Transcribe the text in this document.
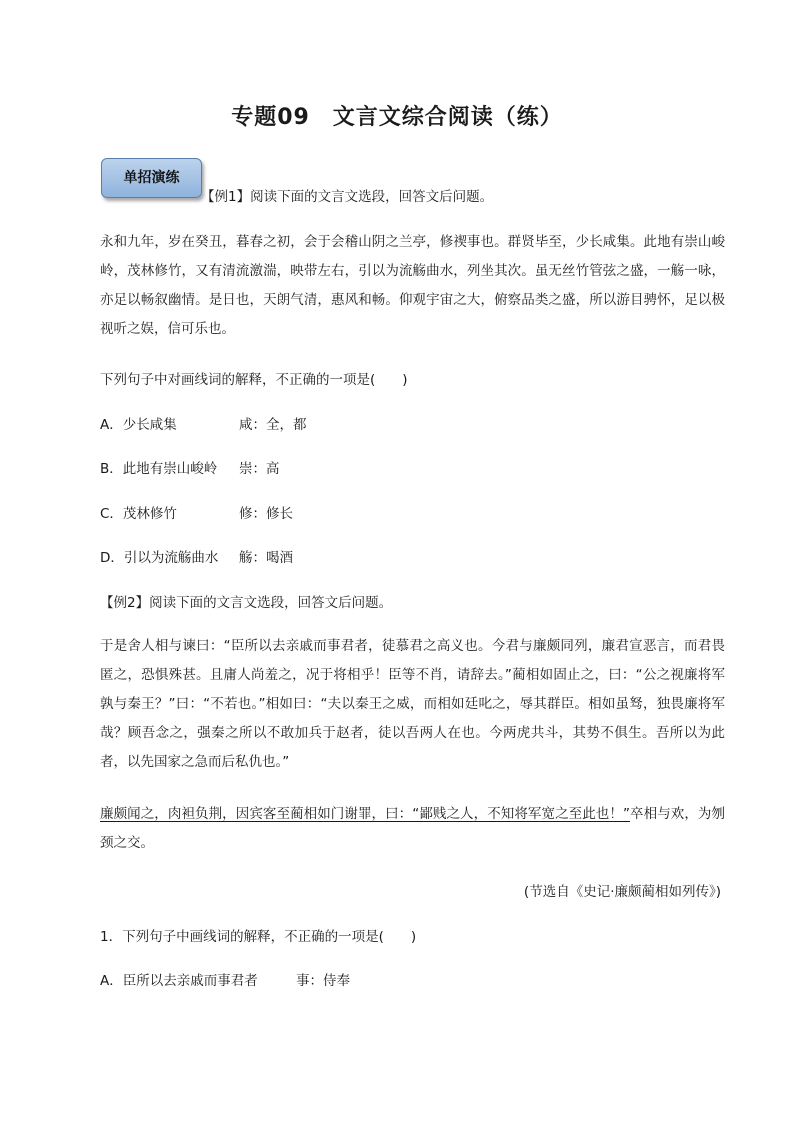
专题09　文言文综合阅读（练）
单招演练
【例1】阅读下面的文言文选段，回答文后问题。
永和九年，岁在癸丑，暮春之初，会于会稽山阴之兰亭，修禊事也。群贤毕至，少长咸集。此地有崇山峻岭，茂林修竹，又有清流激湍，映带左右，引以为流觞曲水，列坐其次。虽无丝竹管弦之盛，一觞一咏，亦足以畅叙幽情。是日也，天朗气清，惠风和畅。仰观宇宙之大，俯察品类之盛，所以游目骋怀，足以极视听之娱，信可乐也。
下列句子中对画线词的解释，不正确的一项是(　　)
A．少长咸集	咸：全，都
B．此地有崇山峻岭 崇：高
C．茂林修竹	修：修长
D．引以为流觞曲水 觞：喝酒
【例2】阅读下面的文言文选段，回答文后问题。
于是舍人相与谏曰：“臣所以去亲戚而事君者，徒慕君之高义也。今君与廉颇同列，廉君宣恶言，而君畏匿之，恐惧殊甚。且庸人尚羞之，况于将相乎！臣等不肖，请辞去。”蔺相如固止之，曰：“公之视廉将军孰与秦王？”曰：“不若也。”相如曰：“夫以秦王之威，而相如廷叱之，辱其群臣。相如虽驽，独畏廉将军哉？顾吾念之，强秦之所以不敢加兵于赵者，徒以吾两人在也。今两虎共斗，其势不俱生。吾所以为此者，以先国家之急而后私仇也。”
廉颇闻之，肉袒负荆，因宾客至蔺相如门谢罪，曰：“鄙贱之人，不知将军宽之至此也！”卒相与欢，为刎颈之交。
(节选自《史记·廉颇蔺相如列传》)
1．下列句子中画线词的解释，不正确的一项是(　　)
A．臣所以去亲戚而事君者	事：侍奉
